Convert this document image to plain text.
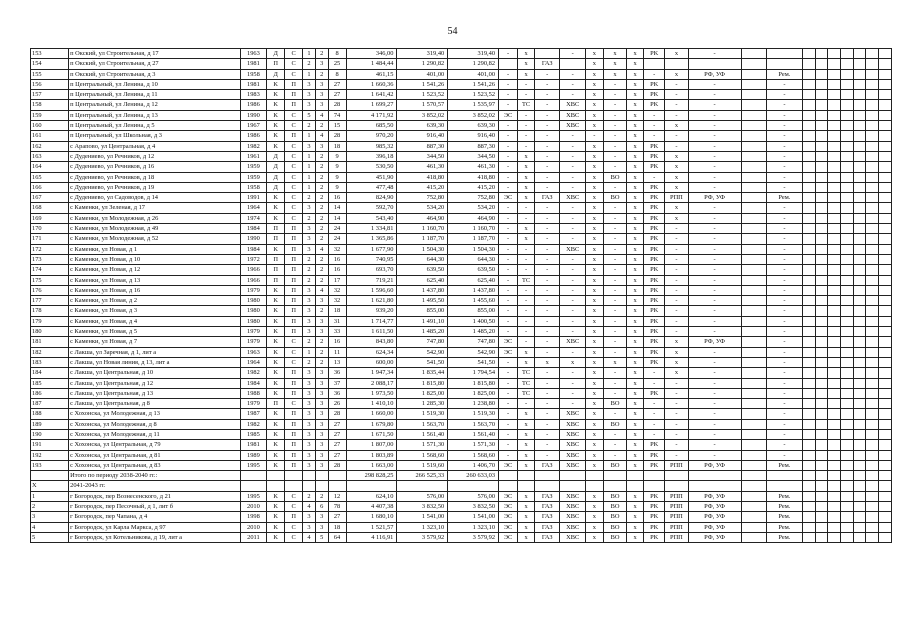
54
153	п Окский, ул Строительная, д 17	1963	Д	С	1	2	8	346,00	319,40	319,40	-	x		-	x	x	x	PK	x	-									
154	п Окский, ул Строительная, д 27	1981	П	С	2	3	25	1 484,44	1 290,82	1 290,82		x	ГАЗ		x	x	x												
155	п Окский, ул Строительная, д 3	1958	Д	С	1	2	8	461,15	401,00	401,00	-	x	-	-	x	x	x	-	x	PФ, УФ		Рем.							
156	п Центральный, ул Ленина, д 10	1981	K	П	3	3	27	1 660,36	1 541,26	1 541,26	-	-	-	-	x	-	x	PK	-	-		-							
157	п Центральный, ул Ленина, д 11	1983	K	П	3	3	27	1 641,42	1 523,52	1 523,52	-	-	-	-	x	-	x	PK	-	-		-							
158	п Центральный, ул Ленина, д 12	1986	K	П	3	3	28	1 699,27	1 570,57	1 535,97	-	TC	-	ХВС	x	-	x	PK	-	-		-							
159	п Центральный, ул Ленина, д 13	1990	K	С	5	4	74	4 171,92	3 852,02	3 852,02	ЭС	-	-	ХВС	x	-	x	-	-	-		-							
160	п Центральный, ул Ленина, д 5	1967	K	С	2	2	15	685,50	639,30	639,30	-	-	-	ХВС	x	-	x	-	x	-		-							
161	п Центральный, ул Школьная, д 3	1986	K	П	1	4	28	970,20	916,40	916,40	-	-	-	-	-	-	x	-	-	-		-							
162	с Арапово, ул Центральная, д 4	1982	K	С	3	3	18	985,32	887,30	887,30	-	-	-	-	x	-	x	PK	-	-		-							
163	с Дудениево, ул Речников, д 12	1961	Д	С	1	2	9	396,18	344,50	344,50	-	x	-	-	x	-	x	PK	x	-		-							
164	с Дудениево, ул Речников, д 16	1959	Д	С	1	2	9	530,50	461,30	461,30	-	x	-	-	x	-	x	PK	x	-		-							
165	с Дудениево, ул Речников, д 18	1959	Д	С	1	2	9	451,90	418,80	418,80	-	x	-	-	x	BO	x	-	x	-		-							
166	с Дудениево, ул Речников, д 19	1958	Д	С	1	2	9	477,48	415,20	415,20	-	x	-	-	x	-	x	PK	x	-		-							
167	с Дудениево, ул Садоводов, д 14	1991	K	С	2	2	16	824,90	752,80	752,80	ЭС	x	ГАЗ	ХВС	x	BO	x	PK	PПП	PФ, УФ		Рем.							
168	с Каменки, ул Зеленая, д 17	1964	K	С	3	2	14	592,70	534,20	534,20	-	-	-	-	x	-	x	PK	x	-		-							
169	с Каменки, ул Молодежная, д 26	1974	K	С	2	2	14	543,40	464,90	464,90	-	-	-	-	x	-	x	PK	x	-		-							
170	с Каменки, ул Молодежная, д 49	1984	П	П	3	2	24	1 334,81	1 160,70	1 160,70	-	x	-	-	x	-	x	PK	-	-		-							
171	с Каменки, ул Молодежная, д 52	1990	П	П	3	2	24	1 365,86	1 187,70	1 187,70	-	x	-	-	x	-	x	PK	-	-		-							
172	с Каменки, ул Новая, д 1	1984	K	П	3	4	32	1 677,90	1 504,30	1 504,30	-	-	-	ХВС	x	-	x	PK	-	-		-							
173	с Каменки, ул Новая, д 10	1972	П	П	2	2	16	740,95	644,30	644,30	-	-	-	-	x	-	x	PK	-	-		-							
174	с Каменки, ул Новая, д 12	1966	П	П	2	2	16	693,70	639,50	639,50	-	-	-	-	x	-	x	PK	-	-		-							
175	с Каменки, ул Новая, д 13	1966	П	П	2	2	17	719,21	625,40	625,40	-	TC	-	-	x	-	x	PK	-	-		-							
176	с Каменки, ул Новая, д 16	1979	K	П	3	4	32	1 596,60	1 437,80	1 437,80	-	-	-	-	x	-	x	PK	-	-		-							
177	с Каменки, ул Новая, д 2	1980	K	П	3	3	32	1 621,80	1 495,50	1 455,60	-	-	-	-	x	-	x	PK	-	-		-							
178	с Каменки, ул Новая, д 3	1980	K	П	3	2	18	939,20	855,00	855,00	-	-	-	-	x	-	x	PK	-	-		-							
179	с Каменки, ул Новая, д 4	1980	K	П	3	3	31	1 714,77	1 491,10	1 400,50	-	-	-	-	x	-	x	PK	-	-		-							
180	с Каменки, ул Новая, д 5	1979	K	П	3	3	33	1 611,50	1 485,20	1 485,20	-	-	-	-	x	-	x	PK	-	-		-							
181	с Каменки, ул Новая, д 7	1979	K	С	2	2	16	843,80	747,80	747,80	ЭС	-	-	ХВС	x	-	x	PK	x	PФ, УФ		-							
182	с Лакша, ул Заречная, д 1, лит а	1963	K	С	1	2	11	624,34	542,90	542,90	ЭС	x	-	-	x	-	x	PK	x	-		-							
183	с Лакша, ул Новая линия, д 13, лит а	1964	K	С	2	2	13	600,00	541,50	541,50	-	x	x	x	x	x	x	PK	x	-		-							
184	с Лакша, ул Центральная, д 10	1982	K	П	3	3	36	1 947,34	1 835,44	1 794,54	-	TC	-	-	x	-	x	-	x	-		-							
185	с Лакша, ул Центральная, д 12	1984	K	П	3	3	37	2 088,17	1 815,80	1 815,80	-	TC	-	-	x	-	x	-	-	-		-							
186	с Лакша, ул Центральная, д 13	1988	K	П	3	3	36	1 973,50	1 825,00	1 825,00	-	TC	-	-	x	-	x	PK	-	-		-							
187	с Лакша, ул Центральная, д 8	1979	П	С	3	3	26	1 410,10	1 285,30	1 238,80	-	-	-	-	x	BO	x	-	-	-		-							
188	с Хохонска, ул Молодежная, д 13	1987	K	П	3	3	28	1 660,00	1 519,30	1 519,30	-	x	-	ХВС	x	-	x	-	-	-		-							
189	с Хохонска, ул Молодежная, д 8	1982	K	П	3	3	27	1 679,80	1 563,70	1 563,70	-	x	-	ХВС	x	BO	x	-	-	-		-							
190	с Хохонска, ул Молодежная, д 11	1985	K	П	3	3	27	1 671,50	1 561,40	1 561,40	-	x	-	ХВС	x	-	x	-	-	-		-							
191	с Хохонска, ул Центральная, д 79	1981	K	П	3	3	27	1 807,00	1 571,30	1 571,30	-	x	-	ХВС	x	-	x	PK	-	-		-							
192	с Хохонска, ул Центральная, д 81	1989	K	П	3	3	27	1 803,89	1 568,60	1 568,60	-	x	-	ХВС	x	-	x	PK	-	-		-							
193	с Хохонска, ул Центральная, д 83	1995	K	П	3	3	28	1 663,00	1 519,60	1 406,70	ЭС	x	ГАЗ	ХВС	x	BO	x	PK	PПП	PФ, УФ		Рем.							
	Итого по периоду 2038-2040 гг.:							298 828,25	266 525,33	260 633,03																			
X	2041-2043 гг.																												
1	г Богородск, пер Вознесенского, д 21	1995	K	С	2	2	12	624,10	576,00	576,00	ЭС	x	ГАЗ	ХВС	x	BO	x	PK	PПП	PФ, УФ		Рем.							
2	г Богородск, пер Песочный, д 1, лит б	2010	K	С	4	6	78	4 407,38	3 832,50	3 832,50	ЭС	x	ГАЗ	ХВС	x	BO	x	PK	PПП	PФ, УФ		Рем.							
3	г Богородск, пер Чапана, д 4	1998	K	П	3	3	27	1 680,10	1 541,00	1 541,00	ЭС	x	ГАЗ	ХВС	x	BO	x	PK	PПП	PФ, УФ		Рем.							
4	г Богородск, ул Карла Маркса, д 97	2010	K	С	3	3	18	1 521,57	1 323,10	1 323,10	ЭС	x	ГАЗ	ХВС	x	BO	x	PK	PПП	PФ, УФ		Рем.							
5	г Богородск, ул Котельникова, д 19, лит а	2011	K	С	4	5	64	4 116,91	3 579,92	3 579,92	ЭС	x	ГАЗ	ХВС	x	BO	x	PK	PПП	PФ, УФ		Рем.							
